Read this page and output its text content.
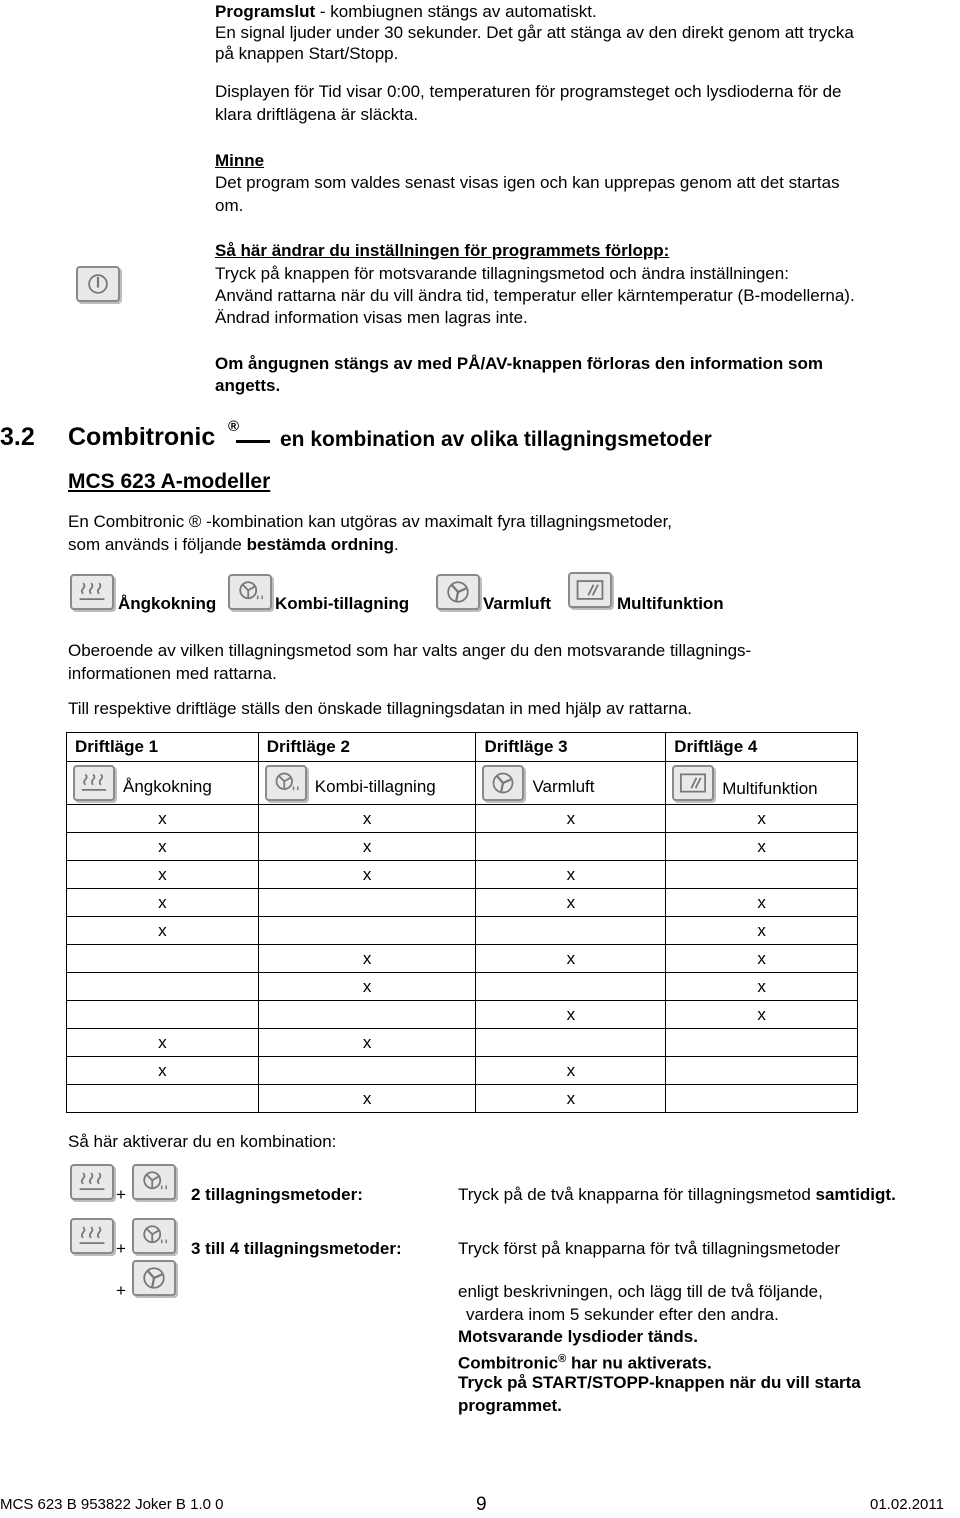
Programslut - kombiugnen stängs av automatiskt.
En signal ljuder under 30 sekunder. Det går att stänga av den direkt genom att trycka
på knappen Start/Stopp.
Displayen för Tid visar 0:00, temperaturen för programsteget och lysdioderna för de
klara driftlägena är släckta.
Minne
Det program som valdes senast visas igen och kan upprepas genom att det startas
om.
Så här ändrar du inställningen för programmets förlopp:
Tryck på knappen för motsvarande tillagningsmetod och ändra inställningen:
Använd rattarna när du vill ändra tid, temperatur eller kärntemperatur (B-modellerna).
Ändrad information visas men lagras inte.
Om ångugnen stängs av med PÅ/AV-knappen förloras den information som
angetts.
3.2 Combitronic ®
en kombination av olika tillagningsmetoder
MCS 623 A-modeller
En Combitronic ® -kombination kan utgöras av maximalt fyra tillagningsmetoder,
som används i följande bestämda ordning.
Ångkokning	Kombi-tillagning	Varmluft	Multifunktion
Oberoende av vilken tillagningsmetod som har valts anger du den motsvarande tillagnings-
informationen med rattarna.
Till respektive driftläge ställs den önskade tillagningsdatan in med hjälp av rattarna.
Driftläge 1	Driftläge 2	Driftläge 3	Driftläge 4

Ångkokning	Kombi-tillagning	Varmluft	Multifunktion
x	x	x	x
x	x		x
x	x	x	
x		x	x
x			x
	x	x	x
	x		x
		x	x
x	x		
x		x	
	x	x	
Så här aktiverar du en kombination:
+	2 tillagningsmetoder:	Tryck på de två knapparna för tillagningsmetod samtidigt.
+	3 till 4 tillagningsmetoder:	Tryck först på knapparna för två tillagningsmetoder
+	enligt beskrivningen, och lägg till de två följande,
vardera inom 5 sekunder efter den andra.
Motsvarande lysdioder tänds.
Combitronic® har nu aktiverats.
Tryck på START/STOPP-knappen när du vill starta
programmet.
MCS 623 B 953822 Joker B 1.0 0	9	01.02.2011
